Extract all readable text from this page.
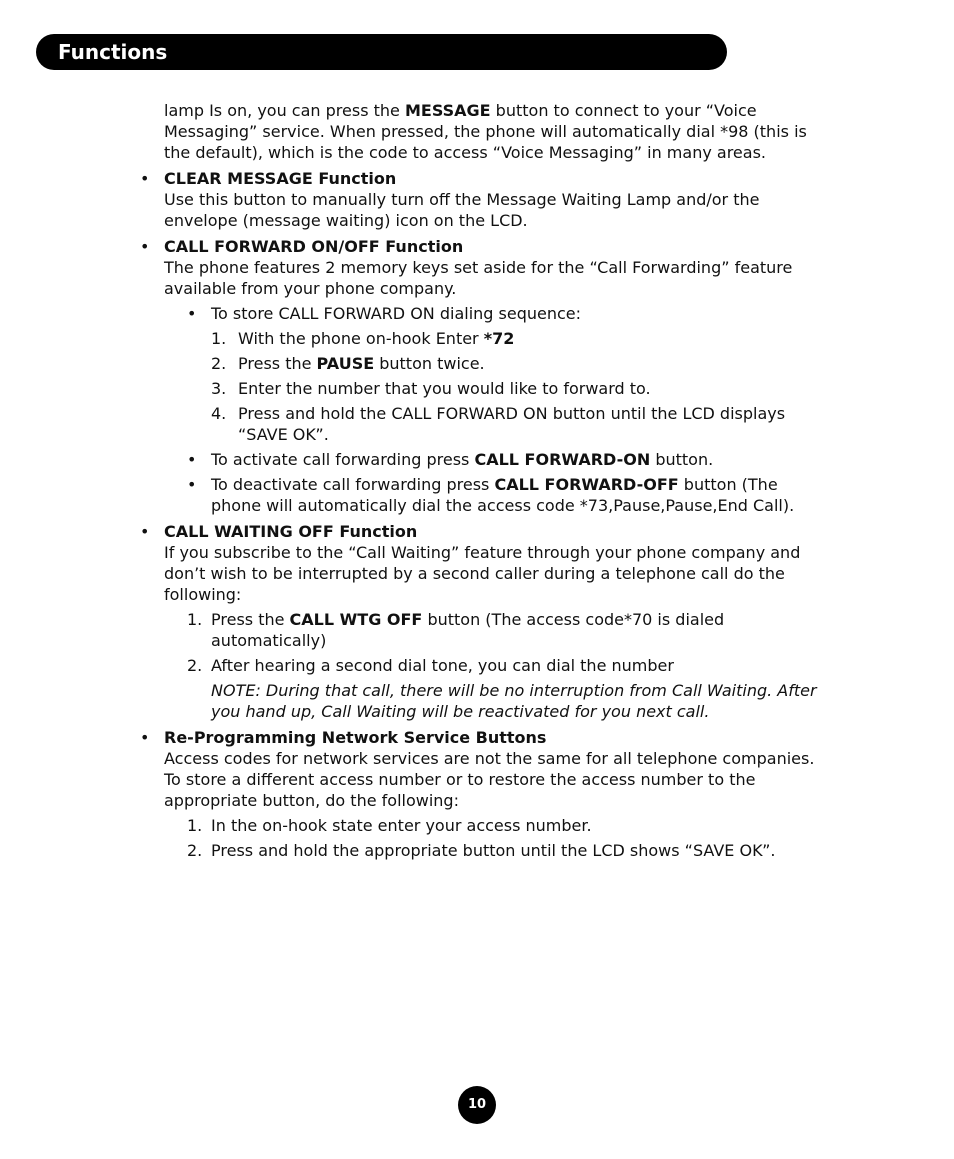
Functions

lamp Is on, you can press the MESSAGE button to connect to your “Voice Messaging” service. When pressed, the phone will automatically dial *98 (this is the default), which is the code to access “Voice Messaging” in many areas.

• CLEAR MESSAGE Function
Use this button to manually turn off the Message Waiting Lamp and/or the envelope (message waiting) icon on the LCD.
• CALL FORWARD ON/OFF Function
The phone features 2 memory keys set aside for the “Call Forwarding” feature available from your phone company.
• To store CALL FORWARD ON dialing sequence:
1. With the phone on-hook Enter *72
2. Press the PAUSE button twice.
3. Enter the number that you would like to forward to.
4. Press and hold the CALL FORWARD ON button until the LCD displays “SAVE OK”.
• To activate call forwarding press CALL FORWARD-ON button.
• To deactivate call forwarding press CALL FORWARD-OFF button (The phone will automatically dial the access code *73,Pause,Pause,End Call).
• CALL WAITING OFF Function
If you subscribe to the “Call Waiting” feature through your phone company and don’t wish to be interrupted by a second caller during a telephone call do the following:
1. Press the CALL WTG OFF button (The access code*70 is dialed automatically)
2. After hearing a second dial tone, you can dial the number

NOTE: During that call, there will be no interruption from Call Waiting. After you hand up, Call Waiting will be reactivated for you next call.

• Re-Programming Network Service Buttons
Access codes for network services are not the same for all telephone companies. To store a different access number or to restore the access number to the appropriate button, do the following:
1. In the on-hook state enter your access number.
2. Press and hold the appropriate button until the LCD shows “SAVE OK”.
10
